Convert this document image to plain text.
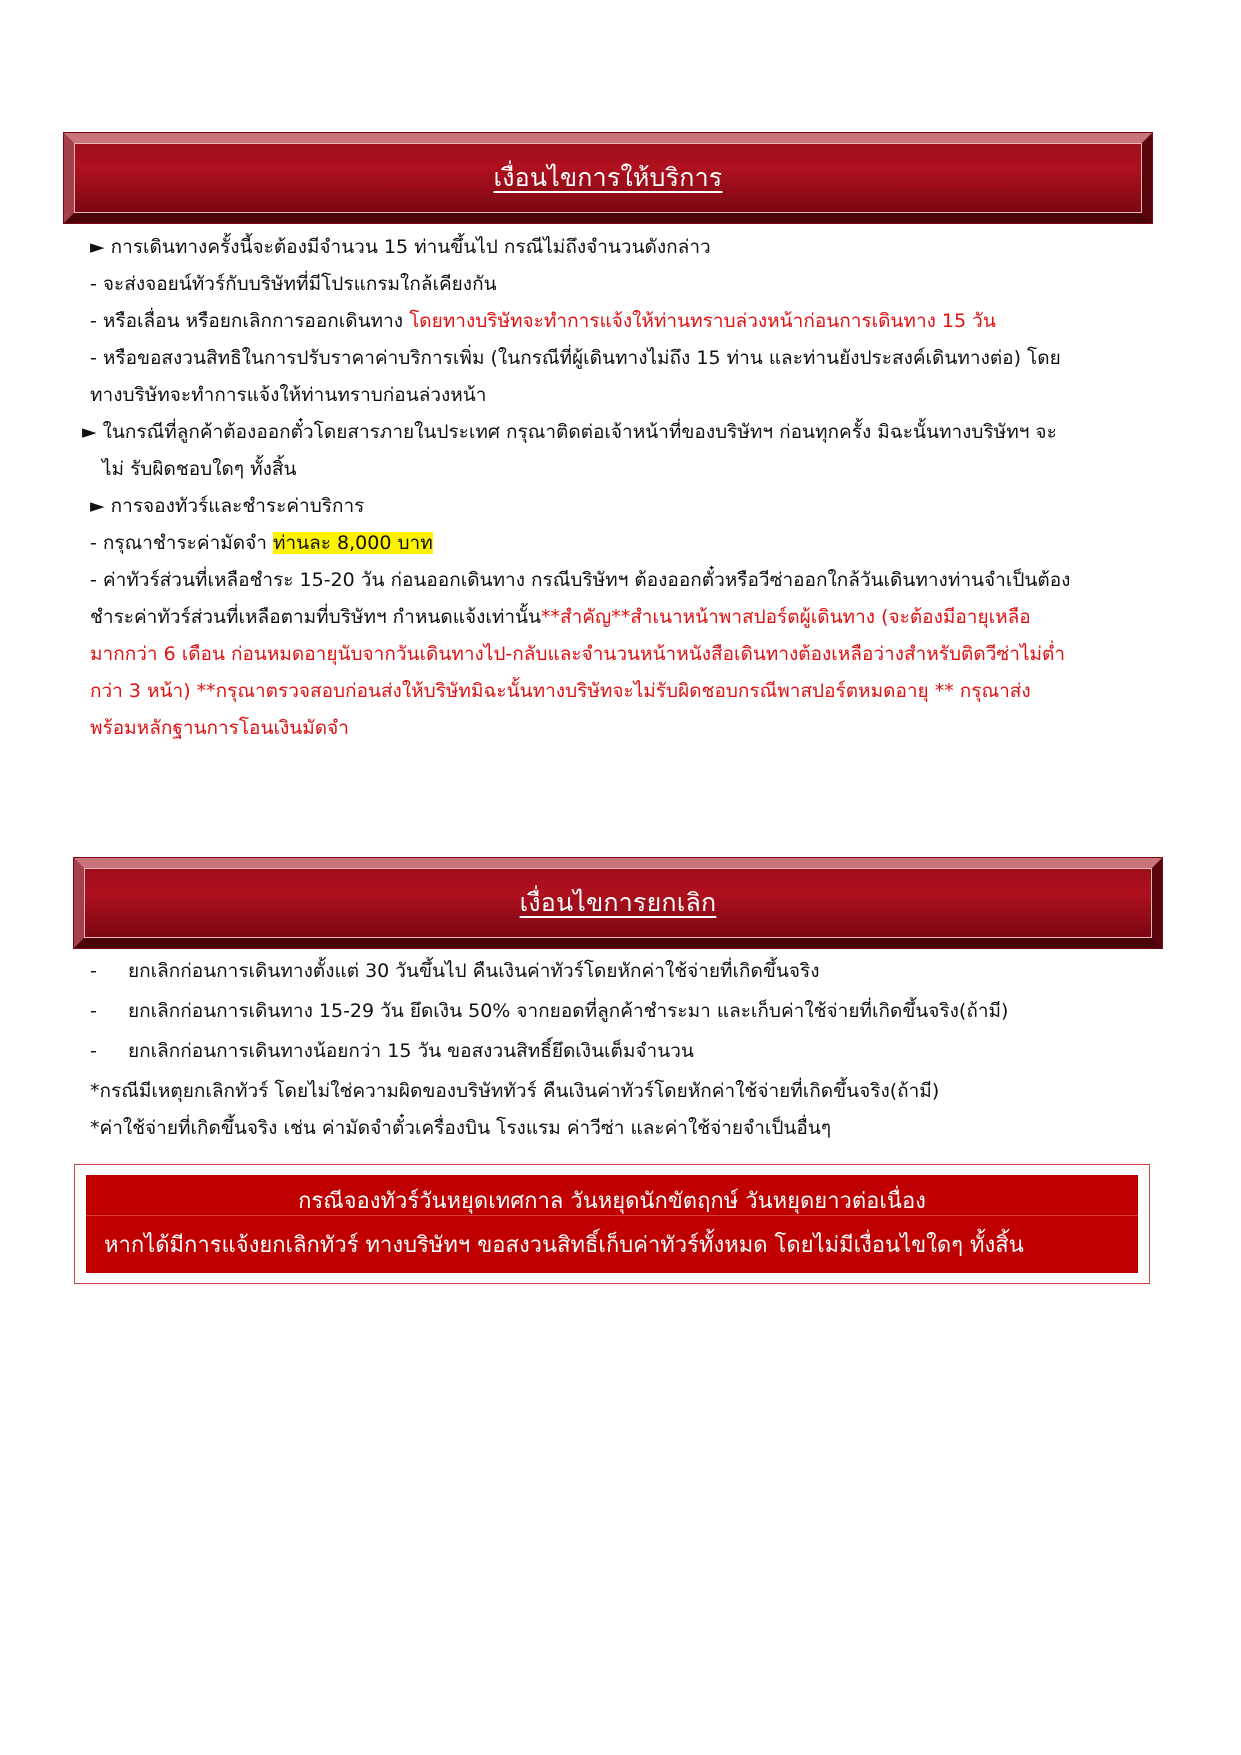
เงื่อนไขการให้บริการ
► การเดินทางครั้งนี้จะต้องมีจำนวน 15 ท่านขึ้นไป กรณีไม่ถึงจำนวนดังกล่าว
- จะส่งจอยน์ทัวร์กับบริษัทที่มีโปรแกรมใกล้เคียงกัน
- หรือเลื่อน หรือยกเลิกการออกเดินทาง โดยทางบริษัทจะทำการแจ้งให้ท่านทราบล่วงหน้าก่อนการเดินทาง 15 วัน
- หรือขอสงวนสิทธิในการปรับราคาค่าบริการเพิ่ม (ในกรณีที่ผู้เดินทางไม่ถึง 15 ท่าน และท่านยังประสงค์เดินทางต่อ) โดย
ทางบริษัทจะทำการแจ้งให้ท่านทราบก่อนล่วงหน้า
► ในกรณีที่ลูกค้าต้องออกตั๋วโดยสารภายในประเทศ กรุณาติดต่อเจ้าหน้าที่ของบริษัทฯ ก่อนทุกครั้ง มิฉะนั้นทางบริษัทฯ จะ
ไม่ รับผิดชอบใดๆ ทั้งสิ้น
► การจองทัวร์และชำระค่าบริการ
- กรุณาชำระค่ามัดจำ ท่านละ 8,000 บาท
- ค่าทัวร์ส่วนที่เหลือชำระ 15-20 วัน ก่อนออกเดินทาง กรณีบริษัทฯ ต้องออกตั๋วหรือวีซ่าออกใกล้วันเดินทางท่านจำเป็นต้อง
ชำระค่าทัวร์ส่วนที่เหลือตามที่บริษัทฯ กำหนดแจ้งเท่านั้น**สำคัญ**สำเนาหน้าพาสปอร์ตผู้เดินทาง (จะต้องมีอายุเหลือ
มากกว่า 6 เดือน ก่อนหมดอายุนับจากวันเดินทางไป-กลับและจำนวนหน้าหนังสือเดินทางต้องเหลือว่างสำหรับติดวีซ่าไม่ต่ำ
กว่า 3 หน้า) **กรุณาตรวจสอบก่อนส่งให้บริษัทมิฉะนั้นทางบริษัทจะไม่รับผิดชอบกรณีพาสปอร์ตหมดอายุ ** กรุณาส่ง
พร้อมหลักฐานการโอนเงินมัดจำ
เงื่อนไขการยกเลิก
- ยกเลิกก่อนการเดินทางตั้งแต่ 30 วันขึ้นไป คืนเงินค่าทัวร์โดยหักค่าใช้จ่ายที่เกิดขึ้นจริง
- ยกเลิกก่อนการเดินทาง 15-29 วัน ยึดเงิน 50% จากยอดที่ลูกค้าชำระมา และเก็บค่าใช้จ่ายที่เกิดขึ้นจริง(ถ้ามี)
- ยกเลิกก่อนการเดินทางน้อยกว่า 15 วัน ขอสงวนสิทธิ์ยึดเงินเต็มจำนวน
*กรณีมีเหตุยกเลิกทัวร์ โดยไม่ใช่ความผิดของบริษัททัวร์ คืนเงินค่าทัวร์โดยหักค่าใช้จ่ายที่เกิดขึ้นจริง(ถ้ามี)
*ค่าใช้จ่ายที่เกิดขึ้นจริง เช่น ค่ามัดจำตั๋วเครื่องบิน โรงแรม ค่าวีซ่า และค่าใช้จ่ายจำเป็นอื่นๆ
กรณีจองทัวร์วันหยุดเทศกาล วันหยุดนักขัตฤกษ์ วันหยุดยาวต่อเนื่อง
หากได้มีการแจ้งยกเลิกทัวร์ ทางบริษัทฯ ขอสงวนสิทธิ์เก็บค่าทัวร์ทั้งหมด โดยไม่มีเงื่อนไขใดๆ ทั้งสิ้น
